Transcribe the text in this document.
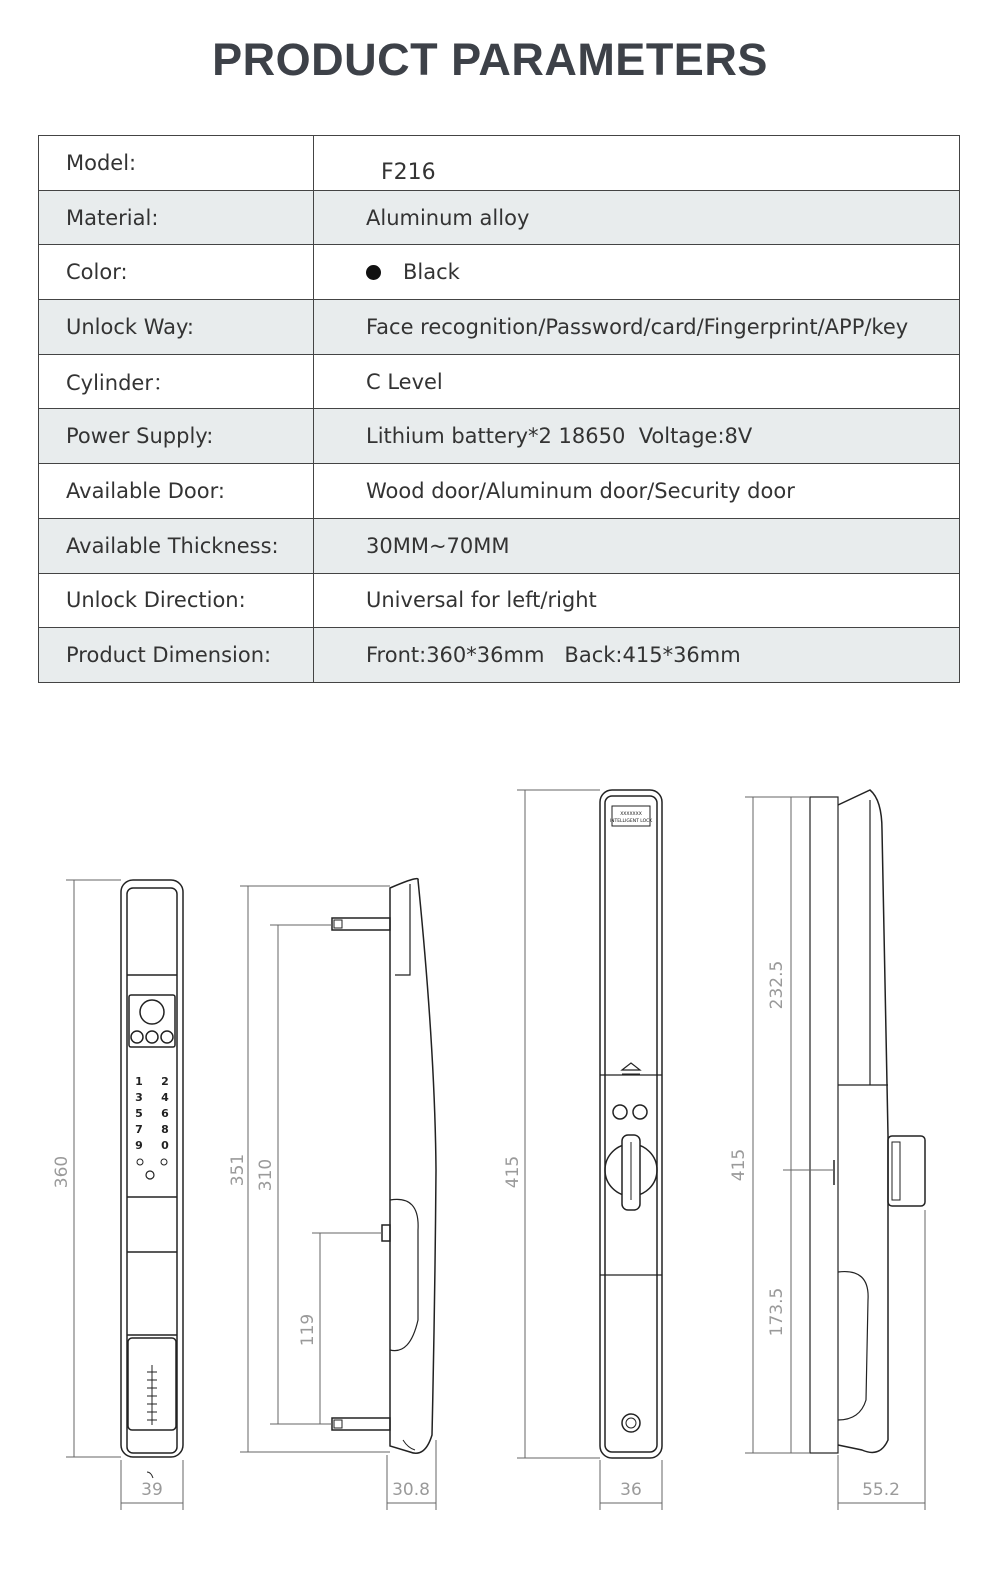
PRODUCT PARAMETERS
Model:	F216
Material:	Aluminum alloy
Color:	Black
Unlock Way:	Face recognition/Password/card/Fingerprint/APP/key
Cylinder：	C Level
Power Supply:	Lithium battery*2 18650  Voltage:8V
Available Door:	Wood door/Aluminum door/Security door
Available Thickness:	30MM~70MM
Unlock Direction:	Universal for left/right
Product Dimension:	Front:360*36mm   Back:415*36mm
360
39
351 310
119
30.8
415
36
415
232.5
173.5
55.2
1 2
3 4
5 6
7 8
9 0
XXXXXXX
INTELLIGENT LOCK
